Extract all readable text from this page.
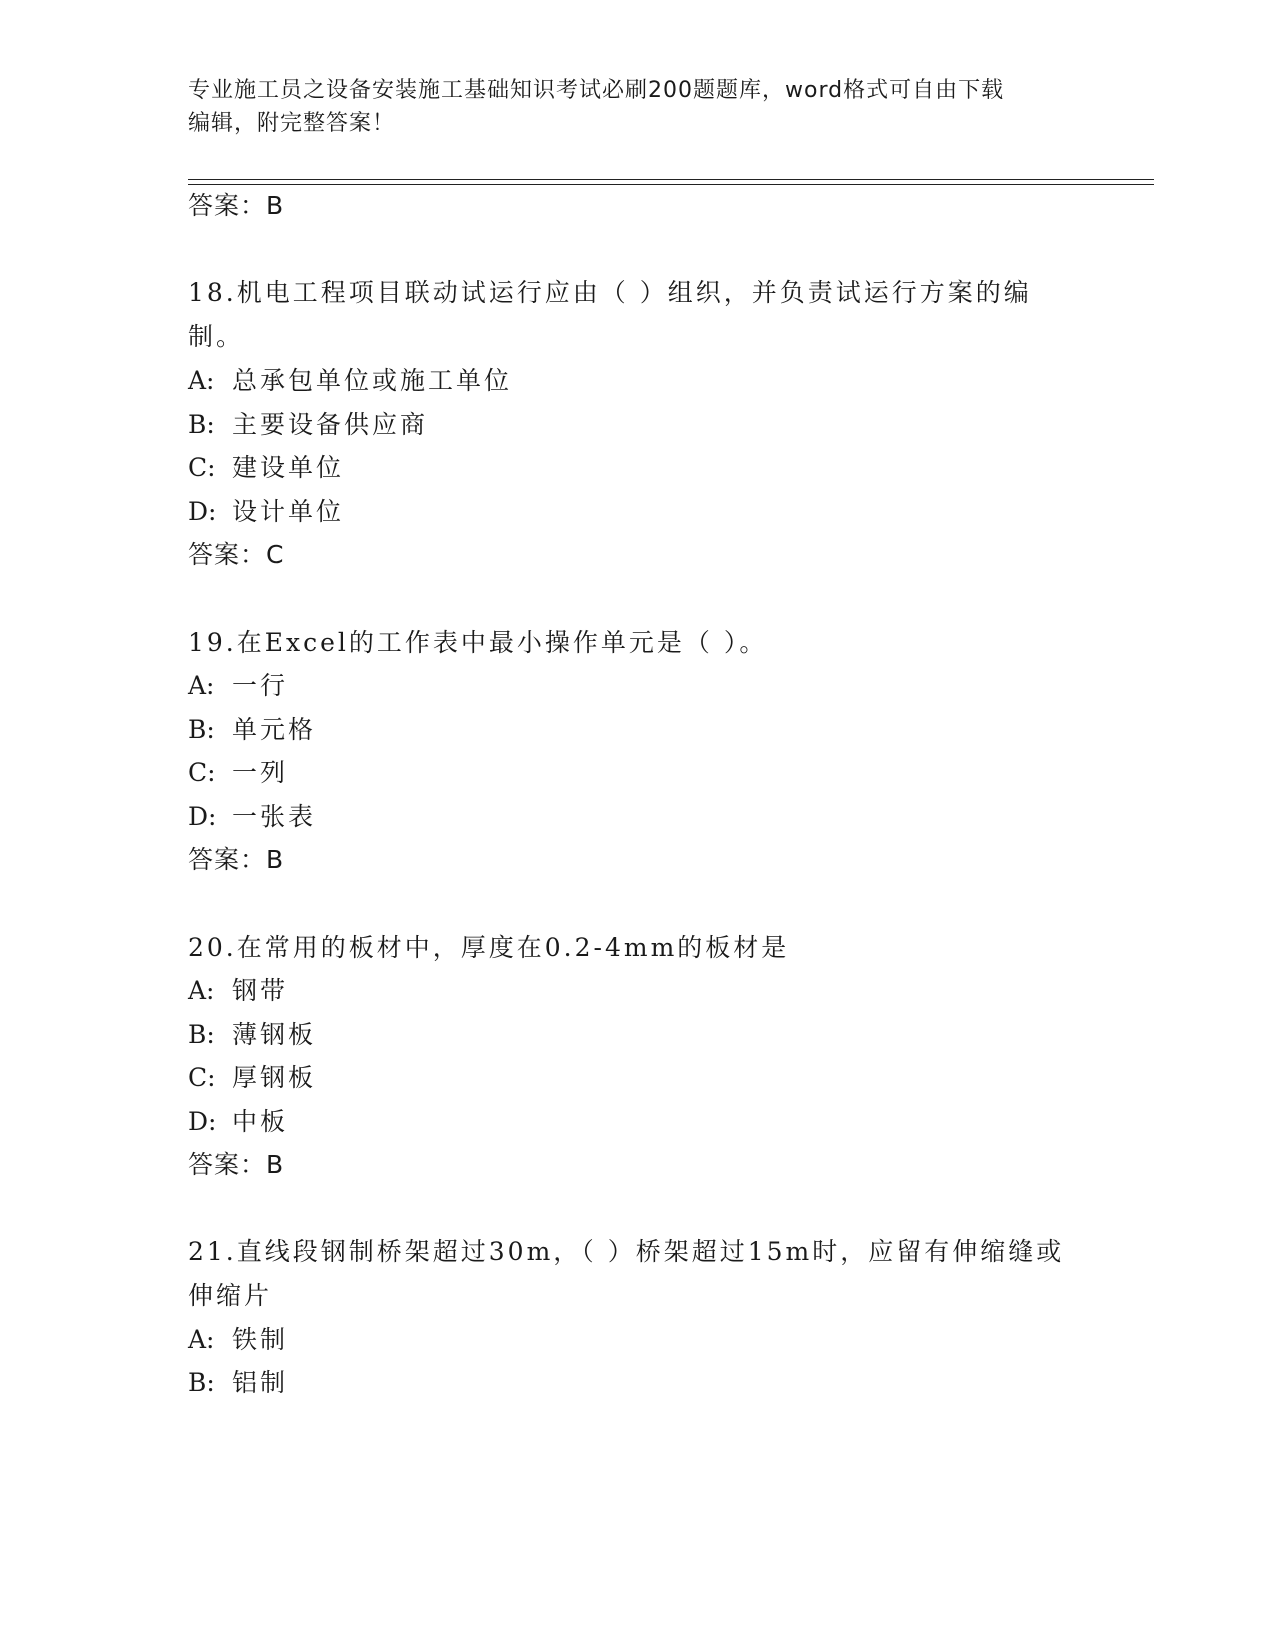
专业施工员之设备安装施工基础知识考试必刷200题题库，word格式可自由下载
编辑，附完整答案！
答案：B
18.机电工程项目联动试运行应由（ ）组织，并负责试运行方案的编
制。
A: 总承包单位或施工单位
B: 主要设备供应商
C: 建设单位
D: 设计单位
答案：C
19.在Excel的工作表中最小操作单元是（ ）。
A: 一行
B: 单元格
C: 一列
D: 一张表
答案：B
20.在常用的板材中，厚度在0.2-4mm的板材是
A: 钢带
B: 薄钢板
C: 厚钢板
D: 中板
答案：B
21.直线段钢制桥架超过30m，（ ）桥架超过15m时，应留有伸缩缝或
伸缩片
A: 铁制
B: 铝制
